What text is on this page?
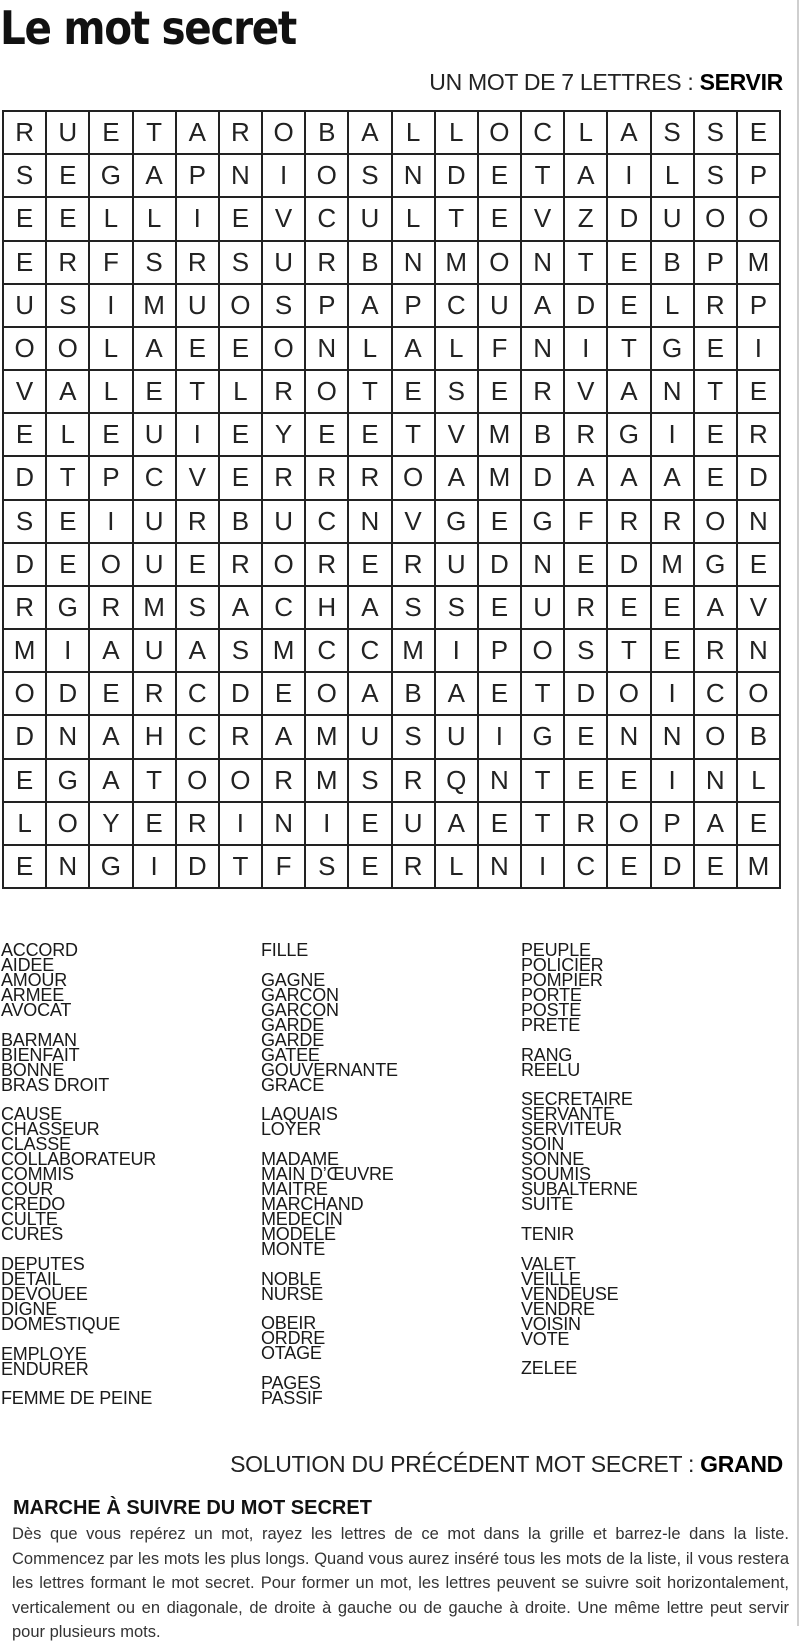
Le mot secret
UN MOT DE 7 LETTRES : SERVIR
R U E	T	A R O B A	L	L O C	L	A S S E
S E G A P N	I	O S N D E	T	A	I	L	S P
E E	L	L	I	E V C U	L	T	E V	Z D U O O
E R F	S R S U R B N M O N T	E B P M
U S	I	M U O S P A P C U A D E	L	R P
O O L	A E E O N	L	A	L	F N	I	T G E	I
V A	L	E	T	L	R O T	E S E R V A N T	E
E	L	E U	I	E Y E E	T	V M B R G	I	E R
D T	P C V E R R R O A M D A A A E D
S E	I	U R B U C N V G E G F R R O N
D E O U E R O R E R U D N E D M G E
R G R M S A C H A S S E U R E E A V
M	I	A U A S M C C M	I	P O S	T	E R N
O D E R C D E O A B A E	T D O	I	C O
D N A H C R A M U S U	I	G E N N O B
E G A	T O O R M S R Q N T	E E	I	N	L
L O Y E R	I	N	I	E U A E	T R O P A E
E N G	I	D T	F	S E R	L	N	I	C E D E M
ACCORD
AIDEE
AMOUR
ARMEE
AVOCAT
BARMAN
BIENFAIT
BONNE
BRAS DROIT
CAUSE
CHASSEUR
CLASSE
COLLABORATEUR
COMMIS
COUR
CREDO
CULTE
CURES
DEPUTES
DETAIL
DEVOUEE
DIGNE
DOMESTIQUE
EMPLOYE
ENDURER
FEMME DE PEINE
FILLE
GAGNE
GARCON
GARCON
GARDE
GARDE
GATEE
GOUVERNANTE
GRACE
LAQUAIS
LOYER
MADAME
MAIN D’ŒUVRE
MAITRE
MARCHAND
MEDECIN
MODELE
MONTE
NOBLE
NURSE
OBEIR
ORDRE
OTAGE
PAGES
PASSIF
PEUPLE
POLICIER
POMPIER
PORTE
POSTE
PRETE
RANG
REELU
SECRETAIRE
SERVANTE
SERVITEUR
SOIN
SONNE
SOUMIS
SUBALTERNE
SUITE
TENIR
VALET
VEILLE
VENDEUSE
VENDRE
VOISIN
VOTE
ZELEE
SOLUTION DU PRÉCÉDENT MOT SECRET : GRAND
MARCHE À SUIVRE DU MOT SECRET
Dès que vous repérez un mot, rayez les lettres de ce mot dans la grille et barrez-le dans la liste. Commencez par les mots les plus longs. Quand vous aurez inséré tous les mots de la liste, il vous restera les lettres formant le mot secret. Pour former un mot, les lettres peuvent se suivre soit horizontalement, verticalement ou en diagonale, de droite à gauche ou de gauche à droite. Une même lettre peut servir pour plusieurs mots.
